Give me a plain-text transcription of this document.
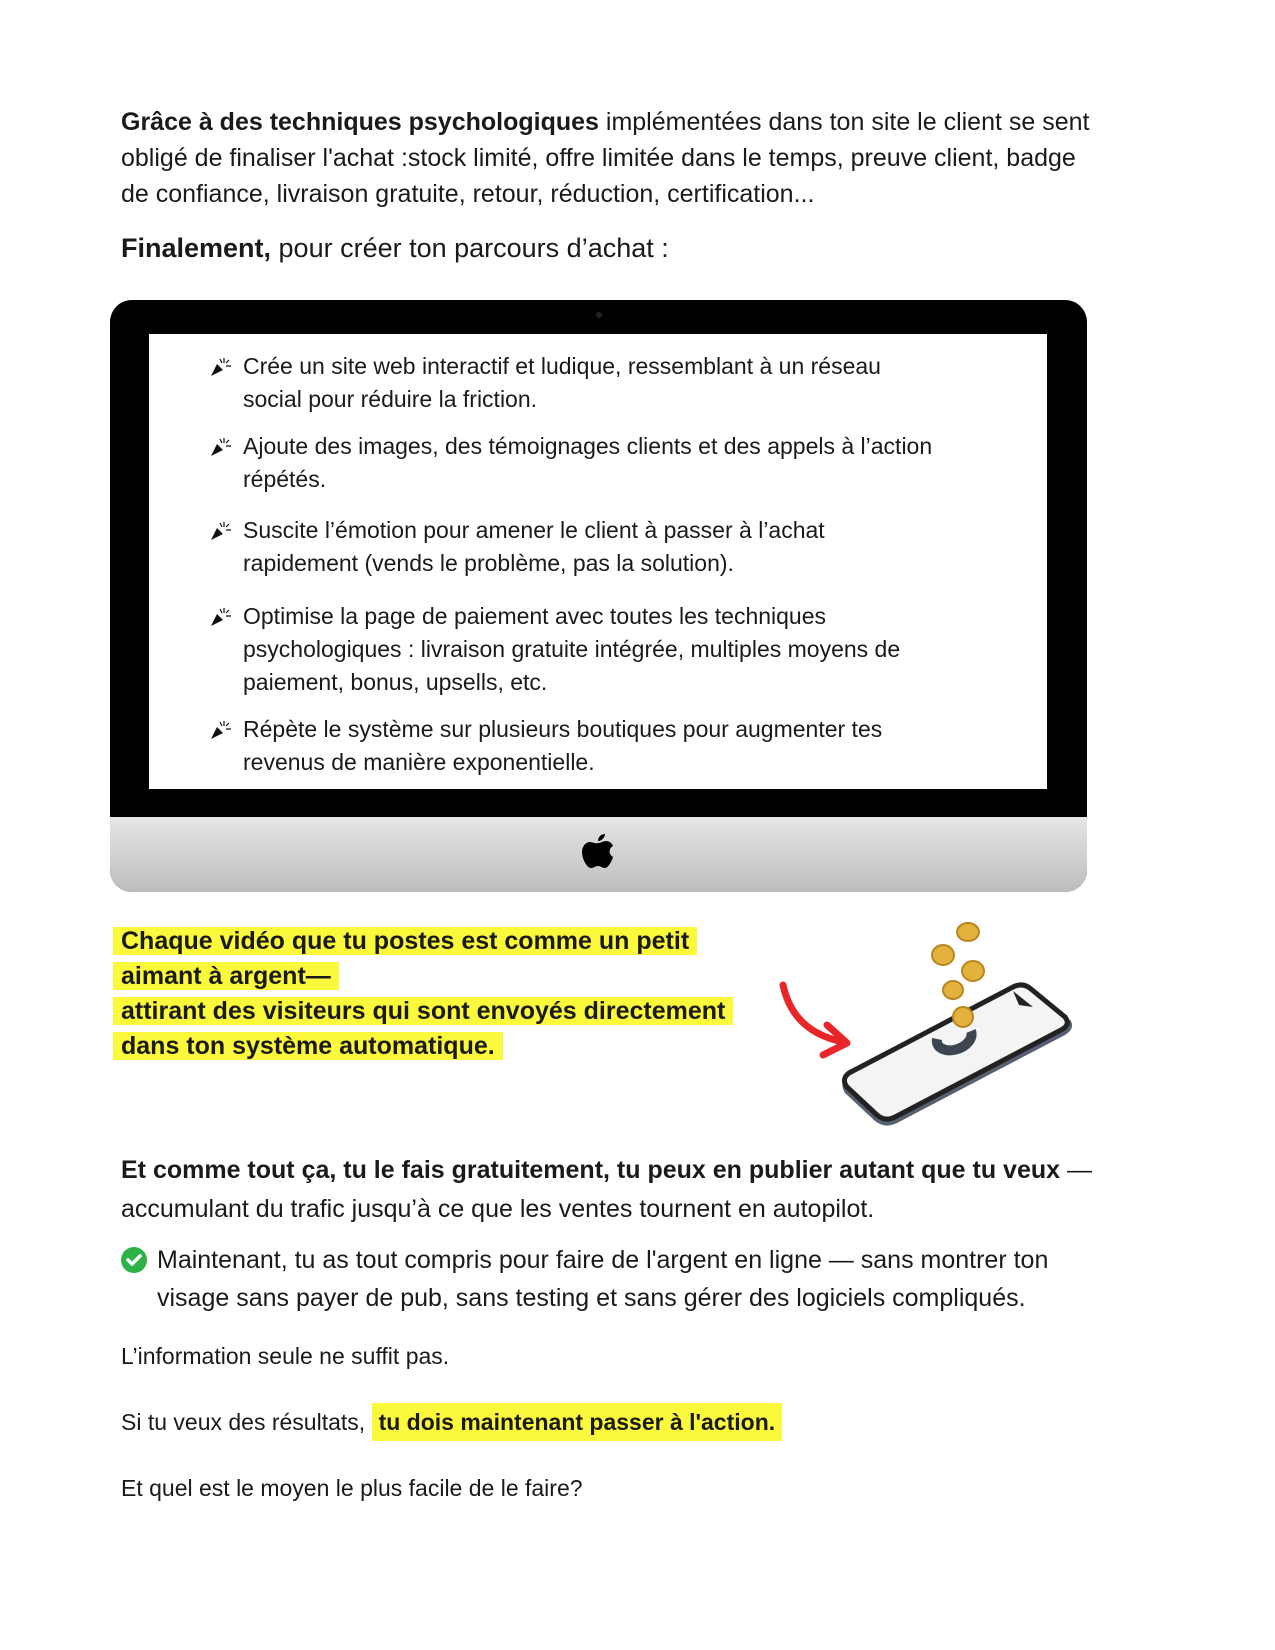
Grâce à des techniques psychologiques implémentées dans ton site le client se sent obligé de finaliser l'achat :stock limité, offre limitée dans le temps, preuve client, badge de confiance, livraison gratuite, retour, réduction, certification...
Finalement, pour créer ton parcours d’achat :
Crée un site web interactif et ludique, ressemblant à un réseau social pour réduire la friction.
Ajoute des images, des témoignages clients et des appels à l’action répétés.
Suscite l’émotion pour amener le client à passer à l’achat rapidement (vends le problème, pas la solution).
Optimise la page de paiement avec toutes les techniques psychologiques : livraison gratuite intégrée, multiples moyens de paiement, bonus, upsells, etc.
Répète le système sur plusieurs boutiques pour augmenter tes revenus de manière exponentielle.
Chaque vidéo que tu postes est comme un petit aimant à argent—
attirant des visiteurs qui sont envoyés directement
dans ton système automatique.
Et comme tout ça, tu le fais gratuitement, tu peux en publier autant que tu veux — accumulant du trafic jusqu’à ce que les ventes tournent en autopilot.
Maintenant, tu as tout compris pour faire de l'argent en ligne — sans montrer ton visage sans payer de pub, sans testing et sans gérer des logiciels compliqués.
L’information seule ne suffit pas.
Si tu veux des résultats, tu dois maintenant passer à l'action.
Et quel est le moyen le plus facile de le faire?
